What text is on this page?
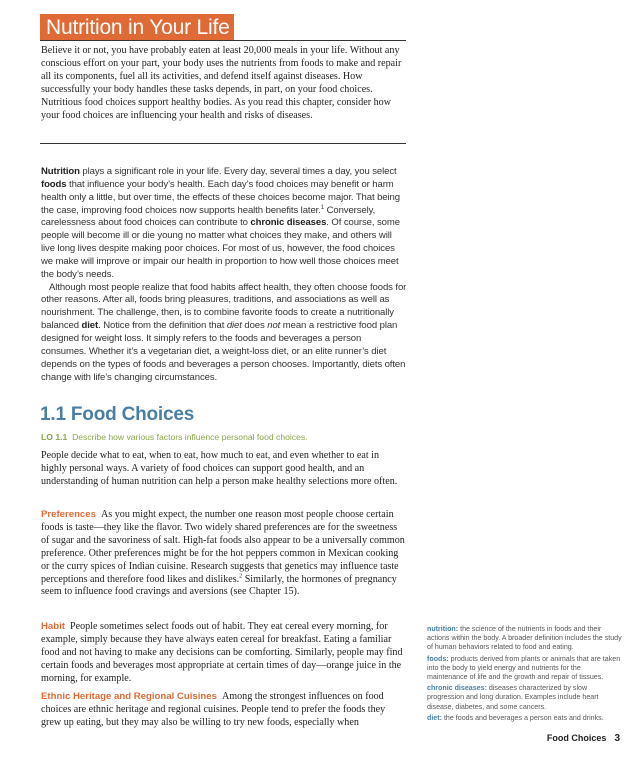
Nutrition in Your Life

Believe it or not, you have probably eaten at least 20,000 meals in your life. Without any conscious effort on your part, your body uses the nutrients from foods to make and repair all its components, fuel all its activities, and defend itself against diseases. How successfully your body handles these tasks depends, in part, on your food choices. Nutritious food choices support healthy bodies. As you read this chapter, consider how your food choices are influencing your health and risks of diseases.

Nutrition plays a significant role in your life. Every day, several times a day, you select foods that influence your body’s health. Each day’s food choices may benefit or harm health only a little, but over time, the effects of these choices become major. That being the case, improving food choices now supports health benefits later.$^1$ Conversely, carelessness about food choices can contribute to chronic diseases. Of course, some people will become ill or die young no matter what choices they make, and others will live long lives despite making poor choices. For most of us, however, the food choices we make will improve or impair our health in proportion to how well those choices meet the body’s needs.

Although most people realize that food habits affect health, they often choose foods for other reasons. After all, foods bring pleasures, traditions, and associations as well as nourishment. The challenge, then, is to combine favorite foods to create a nutritionally balanced diet. Notice from the definition that diet does not mean a restrictive food plan designed for weight loss. It simply refers to the foods and beverages a person consumes. Whether it’s a vegetarian diet, a weight-loss diet, or an elite runner’s diet depends on the types of foods and beverages a person chooses. Importantly, diets often change with life’s changing circumstances.

1.1 Food Choices
LO 1.1 Describe how various factors influence personal food choices.

People decide what to eat, when to eat, how much to eat, and even whether to eat in highly personal ways. A variety of food choices can support good health, and an understanding of human nutrition can help a person make healthy selections more often.

Preferences As you might expect, the number one reason most people choose certain foods is taste—they like the flavor. Two widely shared preferences are for the sweetness of sugar and the savoriness of salt. High-fat foods also appear to be a universally common preference. Other preferences might be for the hot peppers common in Mexican cooking or the curry spices of Indian cuisine. Research suggests that genetics may influence taste perceptions and therefore food likes and dislikes.$^2$ Similarly, the hormones of pregnancy seem to influence food cravings and aversions (see Chapter 15).

Habit People sometimes select foods out of habit. They eat cereal every morning, for example, simply because they have always eaten cereal for breakfast. Eating a familiar food and not having to make any decisions can be comforting. Similarly, people may find certain foods and beverages most appropriate at certain times of day—orange juice in the morning, for example.

Ethnic Heritage and Regional Cuisines Among the strongest influences on food choices are ethnic heritage and regional cuisines. People tend to prefer the foods they grew up eating, but they may also be willing to try new foods, especially when

nutrition: the science of the nutrients in foods and their actions within the body. A broader definition includes the study of human behaviors related to food and eating.
foods: products derived from plants or animals that are taken into the body to yield energy and nutrients for the maintenance of life and the growth and repair of tissues.
chronic diseases: diseases characterized by slow progression and long duration. Examples include heart disease, diabetes, and some cancers.
diet: the foods and beverages a person eats and drinks.
Food Choices 3
